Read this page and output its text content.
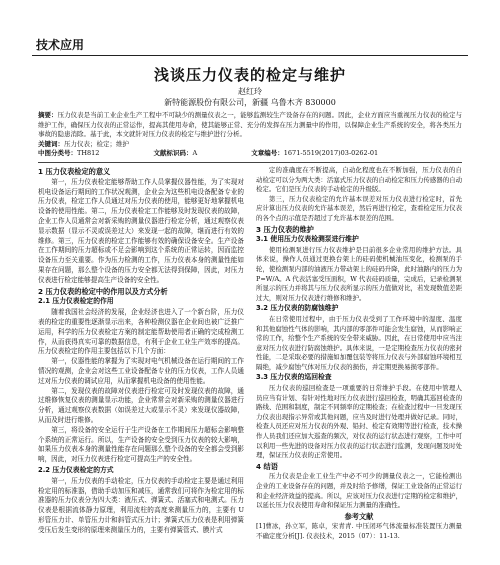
技术应用
浅谈压力仪表的检定与维护
赵红玲
新特能源股份有限公司，新疆 乌鲁木齐 830000
摘要：压力仪表是当前工业企业生产工程中不可缺少的测量仪表之一，能够监测较生产设备存在的问题。因此，企业方面应当重视压力仪表的检定与维护工作，确保压力仪表的正常运作，提高其使用寿命，使其能够正常、充分的发挥在压力测量中的作用，以保障企业生产系统的安全，将各类压力事故的隐患消除。基于此，本文就针对压力仪表的检定与维护进行分析。
关键词：压力仪表；检定；维护
中图分类号：TH812	文献标识码：A	文章编号：1671-5519(2017)03-0262-01
1 压力仪表检定的意义

第一，压力仪表检定能够帮助工作人员掌握仪器性能，为了实现对机电设备运行期间的工作状况观测，企业会为这些机电设备配备专业的压力仪表，检定工作人员通过对压力仪表的使用，能够更好地掌握机电设备的使用性能。第二，压力仪表检定工作能够及时发现仪表的故障，企业工作人员通常会对新采购的测量仪器进行检定分析，通过观察仪表显示数据（显示不灵或误差过大）来发现一起的故障，继而进行有效的维修。第三，压力仪表的检定工作能够有效的确保设备安全。生产设备在工作期间的压力超标或不足会影响到这个系统的正常运转，因而监控设备压力至关重要。作为压力检测的工作，压力仪表本身的测量性能如果存在问题，那么整个设备的压力安全都无法得到保障，因此，对压力仪表进行检定能够提高生产设备的安全性。

2 压力仪表的检定中的作用以及方式分析
2.1 压力仪表检定的作用

随着我国社会经济的发展，企业经济也进入了一个新台阶，压力仪表的检定的重要性逐渐显示出来，各种检测仪器在企业间也被广泛推广运用，科学的压力仪表检定方案的制定能帮助使用者正确的完成检测工作，从而获得真实可靠的数据信息，有利于企业工业生产效率的提高。压力仪表检定的作用主要包括以下几个方面：

第一，仪器性能的掌握为了实现对电气机械设备在运行期间的工作情况的观测，企业会对这些工业设备配备专业的压力仪表，工作人员通过对压力仪表的调试应用，从而掌握机电设备的使用性能。

第二，发现仪表的故障对仪表进行检定可及时发现仪表的故障，通过维修恢复仪表的测量显示功能，企业常常会对新采购的测量仪器进行分析，通过观察仪表数据（如误差过大或显示不灵）来发现仪器故障，从而及时进行维修。

第三，将设备的安全运行于生产设备在工作期间压力超标会影响整个系统的正常运行。所以，生产设备的安全受到压力仪表的较大影响，如果压力仪表本身的测量性能存在问题那么整个设备的安全都会受到影响，因此，对压力仪表进行检定可提高生产的安全性。

2.2 压力仪表检定的方式

第一，压力仪表的手动检定，压力仪表的手动检定主要是通过利用检定用的标准器，借助手动加压和减压，通常我们可将作为检定用的标准器的压力仪表分为四大类：液压式、弹簧式、活塞式和电测式。压力仪表是根据流体静力原理，利用流柱的高度来测量压力的，主要有 U 形管压力计、单管压力计和斜管式压力计；弹簧式压力仪表是利用弹簧受压后发生变形的原理来测量压力的，主要有弹簧管式、膜片式

定的准确度在不断提高，自动化程度也在不断加强，压力仪表的自动检定可以分为两大类：活塞式压力仪表的自动检定和压力传感器的自动检定。它们是压力仪表的手动检定的升级版。

第三，压力仪表检定的允许基本误差对压力仪表进行检定时，首先应计算出压力仪表的允许基本误差，然后再进行检定，查看检定压力仪表的各个点的示值是否超过了允许基本误差的范围。

3 压力仪表的维护
3.1 使用压力仪表检测泵进行维护

使用检测泵进行压力仪表维护是目前很多企业常用的维护方法。具体来说，操作人员通过更换台架上的硅码使机械油压变化，检测泵的手轮，使检测泵内部的油液压力带动架上的硅码升降，此时油路内的压力为 P=W/A。A 代表活塞受压面积，W 代表硅码质量，完成后，记录检测泵所显示的压力并将其与压力仪表所显示的压力值做对比，若发现数值差距过大，则对压力仪表进行维修和维护。

3.2 压力仪表的防腐蚀维护

在日常使用过程中，由于压力仪表受到了工作环境中的湿度、温度和其他腐蚀性气体的影响，其内部的零部件可能会发生腐蚀，从而影响正常的工作，给整个生产系统的安全带来威胁。因此，在日常使用中应当注意对压力仪表进行防腐蚀维护。具体来说，一是定期检查压力仪表的密封性能，二是采取必要的措施如加覆包装等将压力仪表与外部腐蚀环境相互隔绝，减少腐蚀气体对压力仪表的损伤，并定期更换易损零部件。

3.3 压力仪表的巡回检查

压力仪表的巡回检查是一项重要的日常维护手段。在使用中管理人员应当有计划、有针对性地对压力仪表进行巡回检查，明确其巡回检查的路线、范围和制度，制定不同频率的定期检查；在检查过程中一旦发现压力仪表出现指示异常或其他问题，应当及时进行处理并做好记录。同时，检查人员还应对压力仪表的外观、铅封、检定有效期等进行检查，技术操作人员我们还应加大巡查的频次，对仪表的运行状态进行观察，工作中可以利用一些先进的设备对压力仪表的运行状态进行监测，发现问题及时处理，保证压力仪表的正常使用。

4 结语

压力仪表是企业工业生产中必不可少的测量仪表之一，它能检测出企业的工业设备存在的问题，并及时给予修缮，保证工业设备的正常运行和企业经济效益的提高。所以，应该对压力仪表进行定期的检定和维护，以延长压力仪表使用寿命和保证压力测量的准确性。

参考文献

[1]曹冰，孙立军，陈卓，宋青青. 中压闭环气体流量标准装置压力测量不确定度分析[J]. 仪表技术，2015（07）：11-13.
